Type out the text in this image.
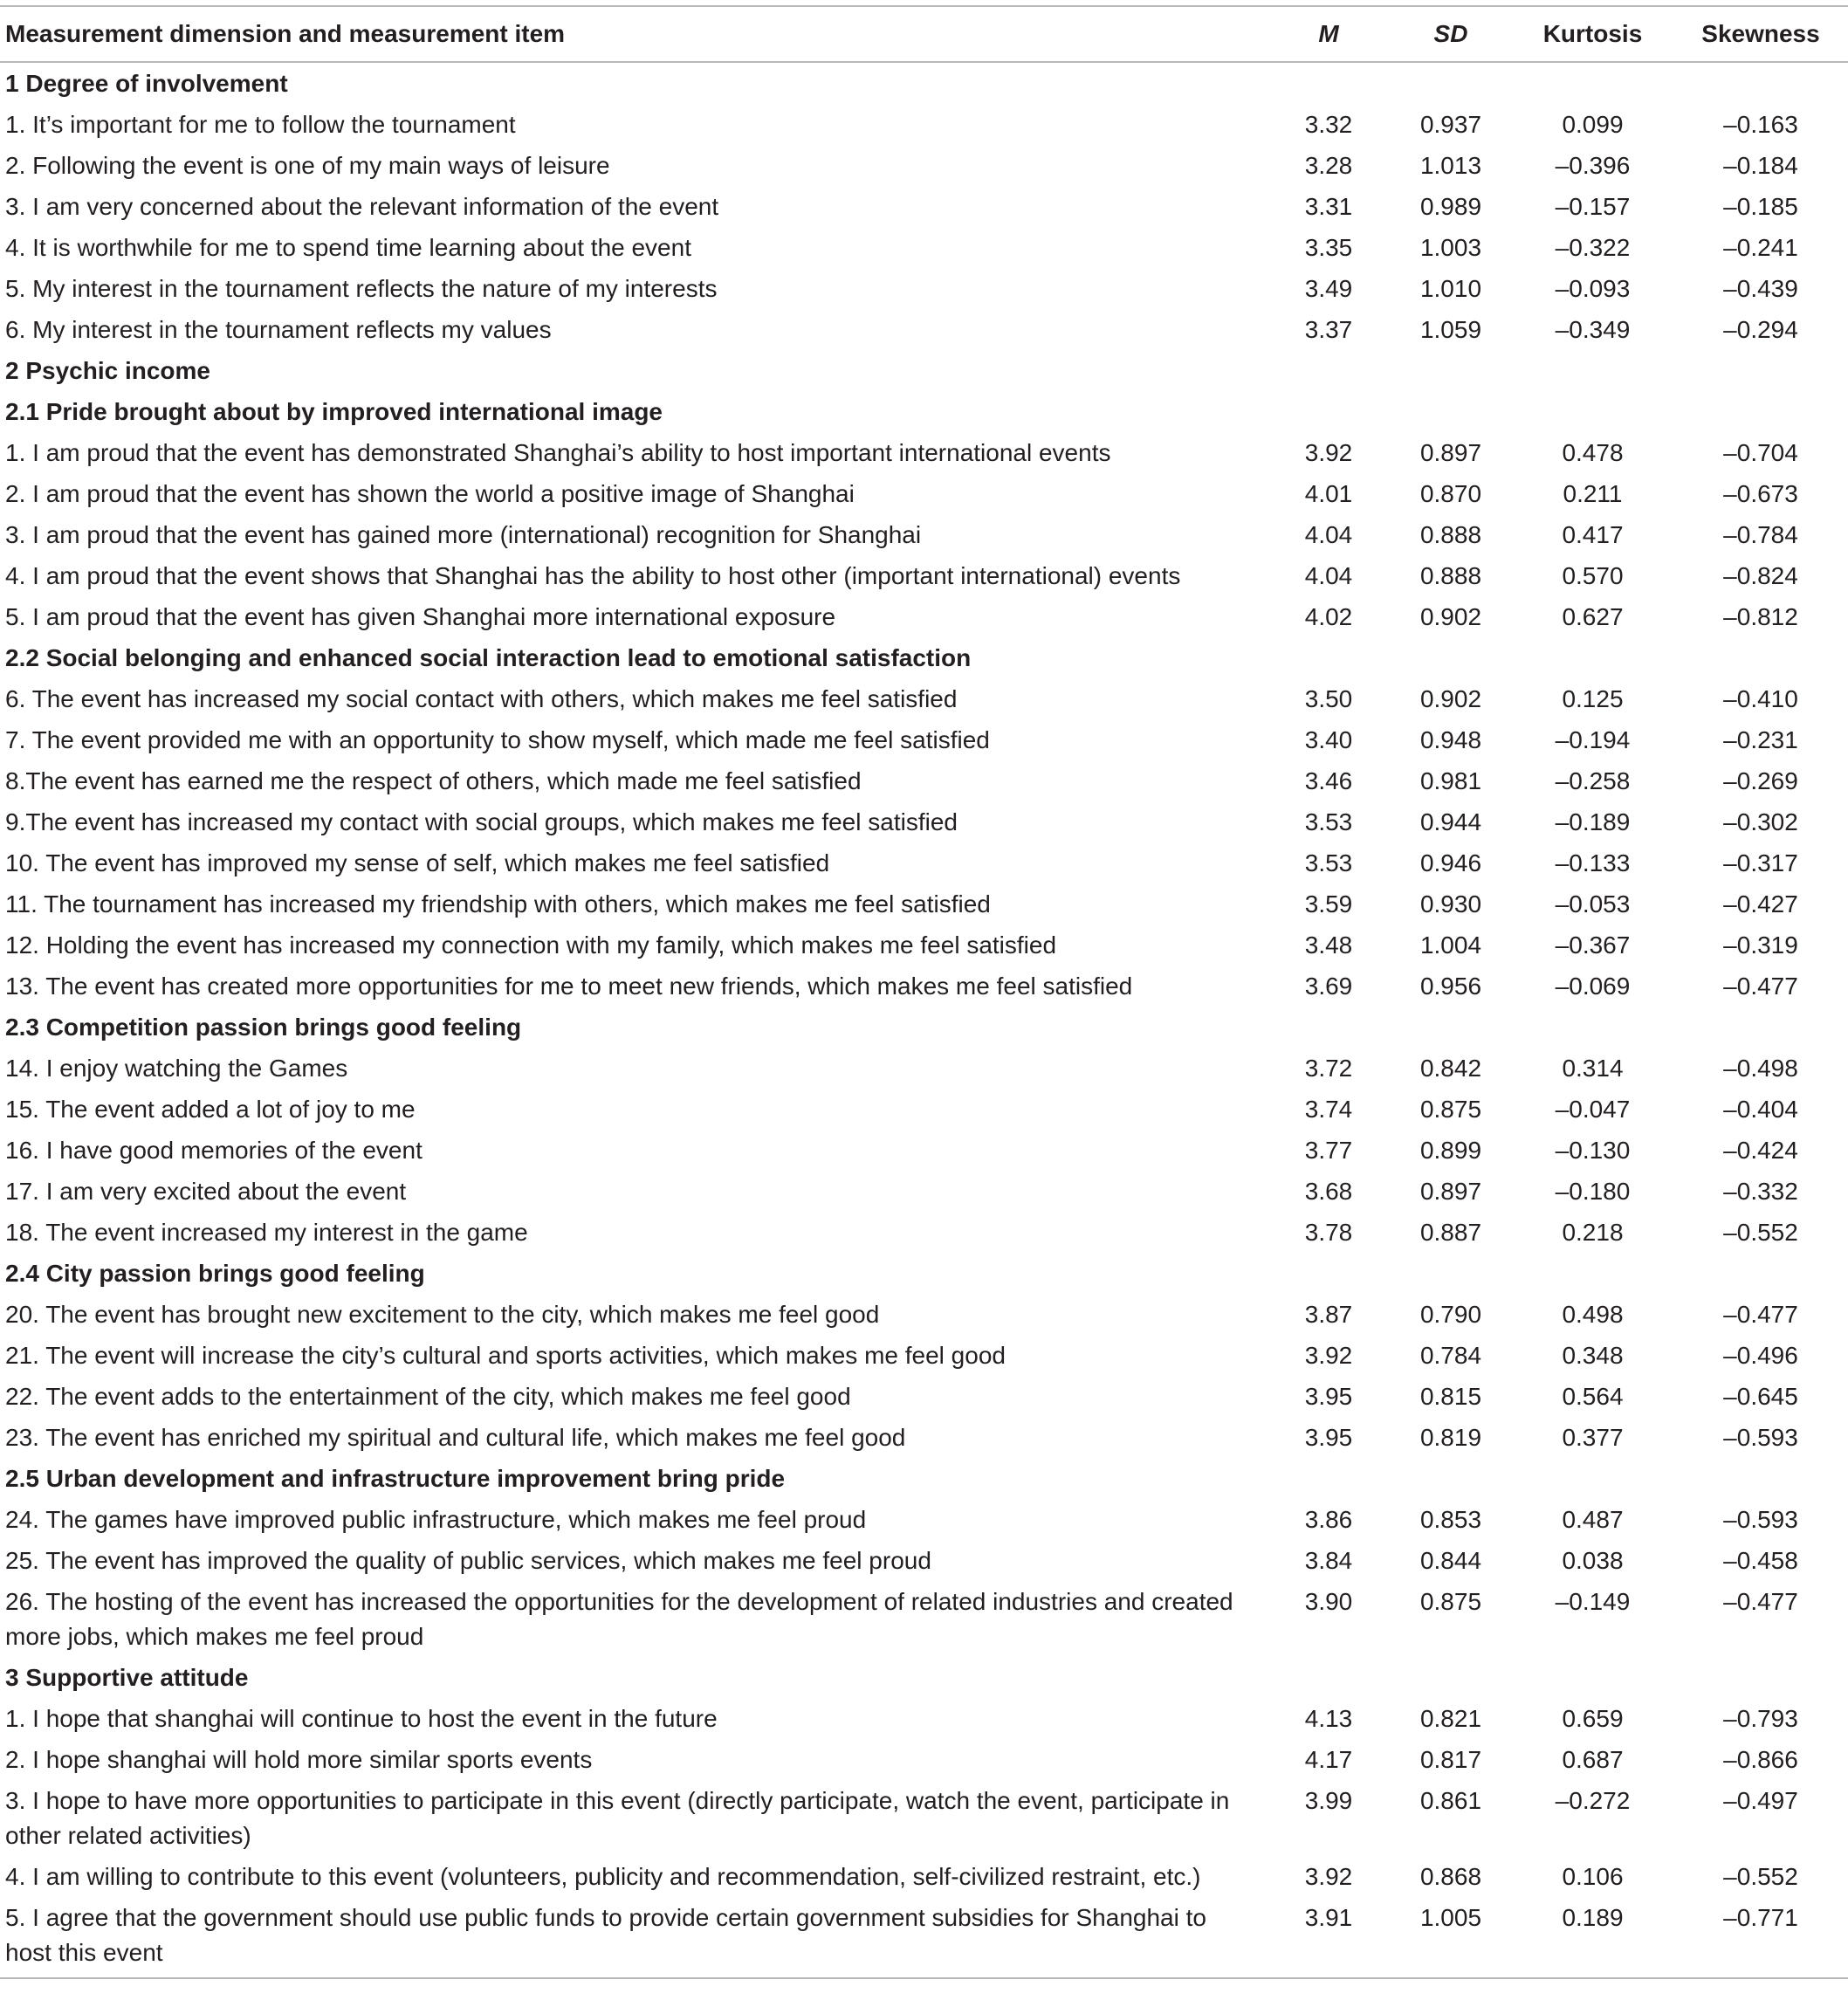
Measurement dimension and measurement item	M	SD	Kurtosis	Skewness
1 Degree of involvement				
1. It’s important for me to follow the tournament	3.32	0.937	0.099	–0.163
2. Following the event is one of my main ways of leisure	3.28	1.013	–0.396	–0.184
3. I am very concerned about the relevant information of the event	3.31	0.989	–0.157	–0.185
4. It is worthwhile for me to spend time learning about the event	3.35	1.003	–0.322	–0.241
5. My interest in the tournament reflects the nature of my interests	3.49	1.010	–0.093	–0.439
6. My interest in the tournament reflects my values	3.37	1.059	–0.349	–0.294
2 Psychic income				
2.1 Pride brought about by improved international image				
1. I am proud that the event has demonstrated Shanghai’s ability to host important international events	3.92	0.897	0.478	–0.704
2. I am proud that the event has shown the world a positive image of Shanghai	4.01	0.870	0.211	–0.673
3. I am proud that the event has gained more (international) recognition for Shanghai	4.04	0.888	0.417	–0.784
4. I am proud that the event shows that Shanghai has the ability to host other (important international) events	4.04	0.888	0.570	–0.824
5. I am proud that the event has given Shanghai more international exposure	4.02	0.902	0.627	–0.812
2.2 Social belonging and enhanced social interaction lead to emotional satisfaction				
6. The event has increased my social contact with others, which makes me feel satisfied	3.50	0.902	0.125	–0.410
7. The event provided me with an opportunity to show myself, which made me feel satisfied	3.40	0.948	–0.194	–0.231
8.The event has earned me the respect of others, which made me feel satisfied	3.46	0.981	–0.258	–0.269
9.The event has increased my contact with social groups, which makes me feel satisfied	3.53	0.944	–0.189	–0.302
10. The event has improved my sense of self, which makes me feel satisfied	3.53	0.946	–0.133	–0.317
11. The tournament has increased my friendship with others, which makes me feel satisfied	3.59	0.930	–0.053	–0.427
12. Holding the event has increased my connection with my family, which makes me feel satisfied	3.48	1.004	–0.367	–0.319
13. The event has created more opportunities for me to meet new friends, which makes me feel satisfied	3.69	0.956	–0.069	–0.477
2.3 Competition passion brings good feeling				
14. I enjoy watching the Games	3.72	0.842	0.314	–0.498
15. The event added a lot of joy to me	3.74	0.875	–0.047	–0.404
16. I have good memories of the event	3.77	0.899	–0.130	–0.424
17. I am very excited about the event	3.68	0.897	–0.180	–0.332
18. The event increased my interest in the game	3.78	0.887	0.218	–0.552
2.4 City passion brings good feeling				
20. The event has brought new excitement to the city, which makes me feel good	3.87	0.790	0.498	–0.477
21. The event will increase the city’s cultural and sports activities, which makes me feel good	3.92	0.784	0.348	–0.496
22. The event adds to the entertainment of the city, which makes me feel good	3.95	0.815	0.564	–0.645
23. The event has enriched my spiritual and cultural life, which makes me feel good	3.95	0.819	0.377	–0.593
2.5 Urban development and infrastructure improvement bring pride				
24. The games have improved public infrastructure, which makes me feel proud	3.86	0.853	0.487	–0.593
25. The event has improved the quality of public services, which makes me feel proud	3.84	0.844	0.038	–0.458
26. The hosting of the event has increased the opportunities for the development of related industries and created more jobs, which makes me feel proud	3.90	0.875	–0.149	–0.477
3 Supportive attitude				
1. I hope that shanghai will continue to host the event in the future	4.13	0.821	0.659	–0.793
2. I hope shanghai will hold more similar sports events	4.17	0.817	0.687	–0.866
3. I hope to have more opportunities to participate in this event (directly participate, watch the event, participate in other related activities)	3.99	0.861	–0.272	–0.497
4. I am willing to contribute to this event (volunteers, publicity and recommendation, self-civilized restraint, etc.)	3.92	0.868	0.106	–0.552
5. I agree that the government should use public funds to provide certain government subsidies for Shanghai to host this event	3.91	1.005	0.189	–0.771
